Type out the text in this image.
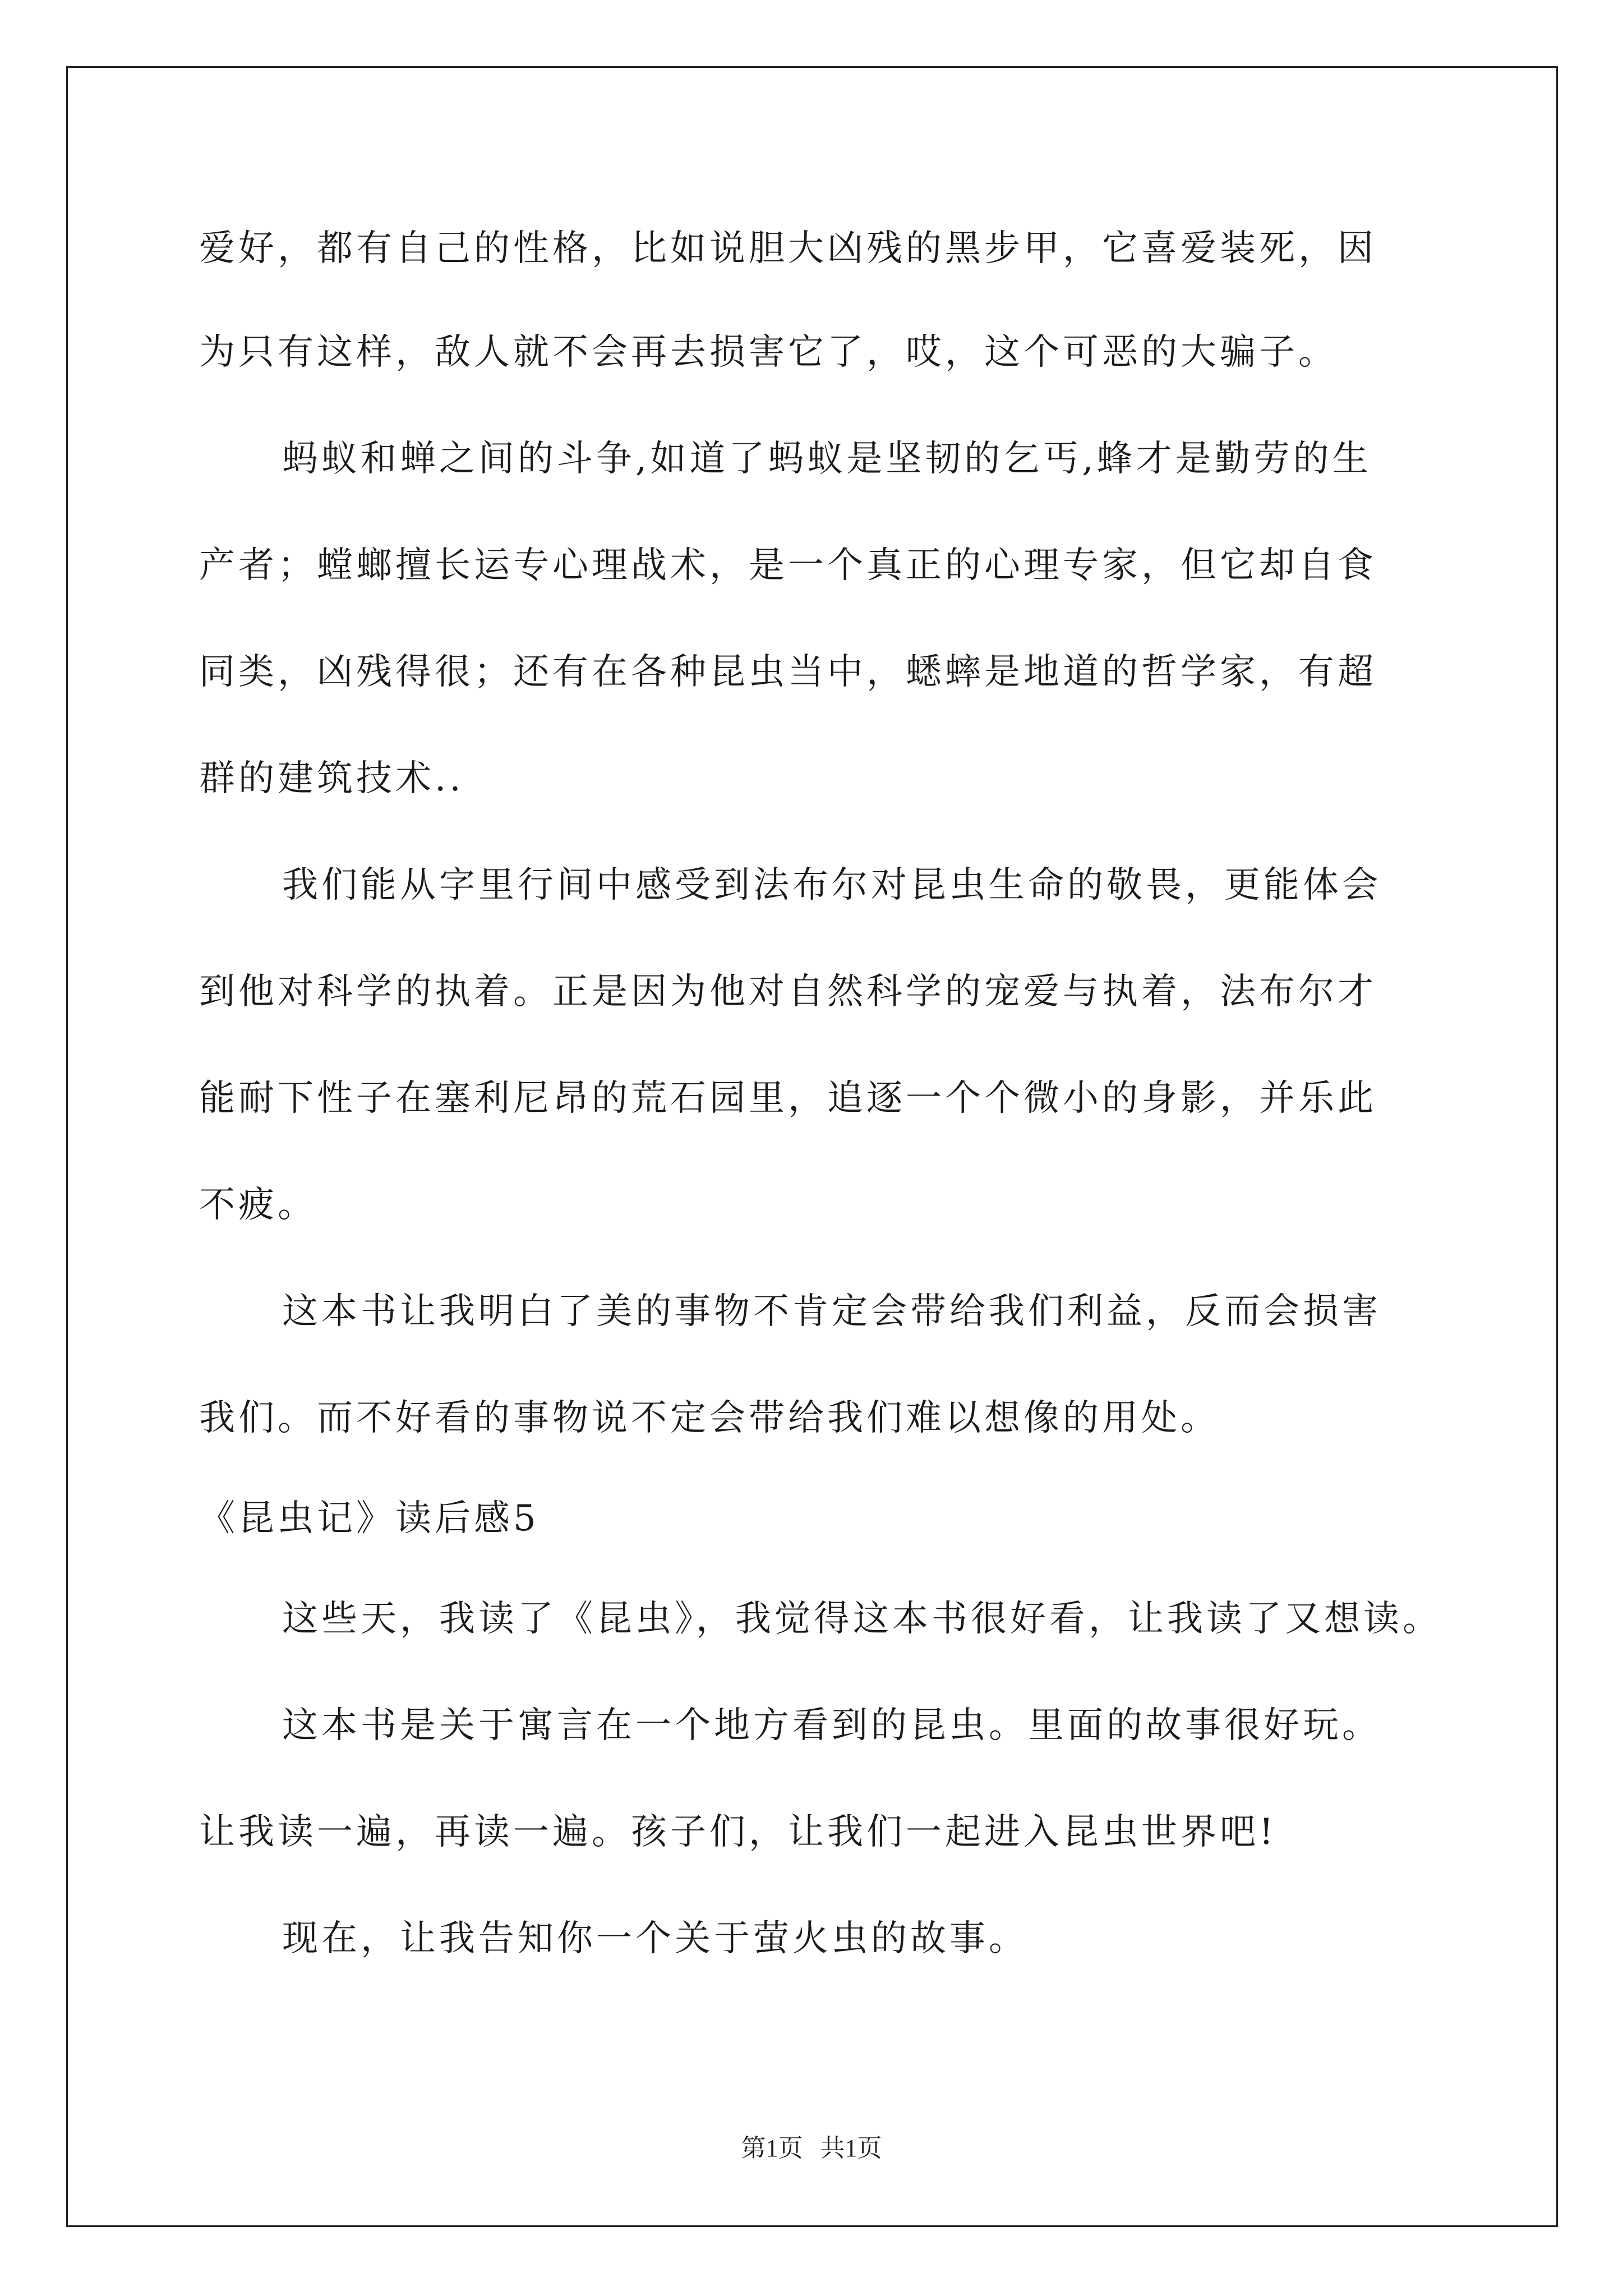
爱好，都有自己的性格，比如说胆大凶残的黑步甲，它喜爱装死，因
为只有这样，敌人就不会再去损害它了，哎，这个可恶的大骗子。
蚂蚁和蝉之间的斗争,如道了蚂蚁是坚韧的乞丐,蜂才是勤劳的生
产者；螳螂擅长运专心理战术，是一个真正的心理专家，但它却自食
同类，凶残得很；还有在各种昆虫当中，蟋蟀是地道的哲学家，有超
群的建筑技术..
我们能从字里行间中感受到法布尔对昆虫生命的敬畏，更能体会
到他对科学的执着。正是因为他对自然科学的宠爱与执着，法布尔才
能耐下性子在塞利尼昂的荒石园里，追逐一个个微小的身影，并乐此
不疲。
这本书让我明白了美的事物不肯定会带给我们利益，反而会损害
我们。而不好看的事物说不定会带给我们难以想像的用处。
《昆虫记》读后感5
这些天，我读了《昆虫》，我觉得这本书很好看，让我读了又想读。
这本书是关于寓言在一个地方看到的昆虫。里面的故事很好玩。
让我读一遍，再读一遍。孩子们，让我们一起进入昆虫世界吧!
现在，让我告知你一个关于萤火虫的故事。
第1页 共1页
